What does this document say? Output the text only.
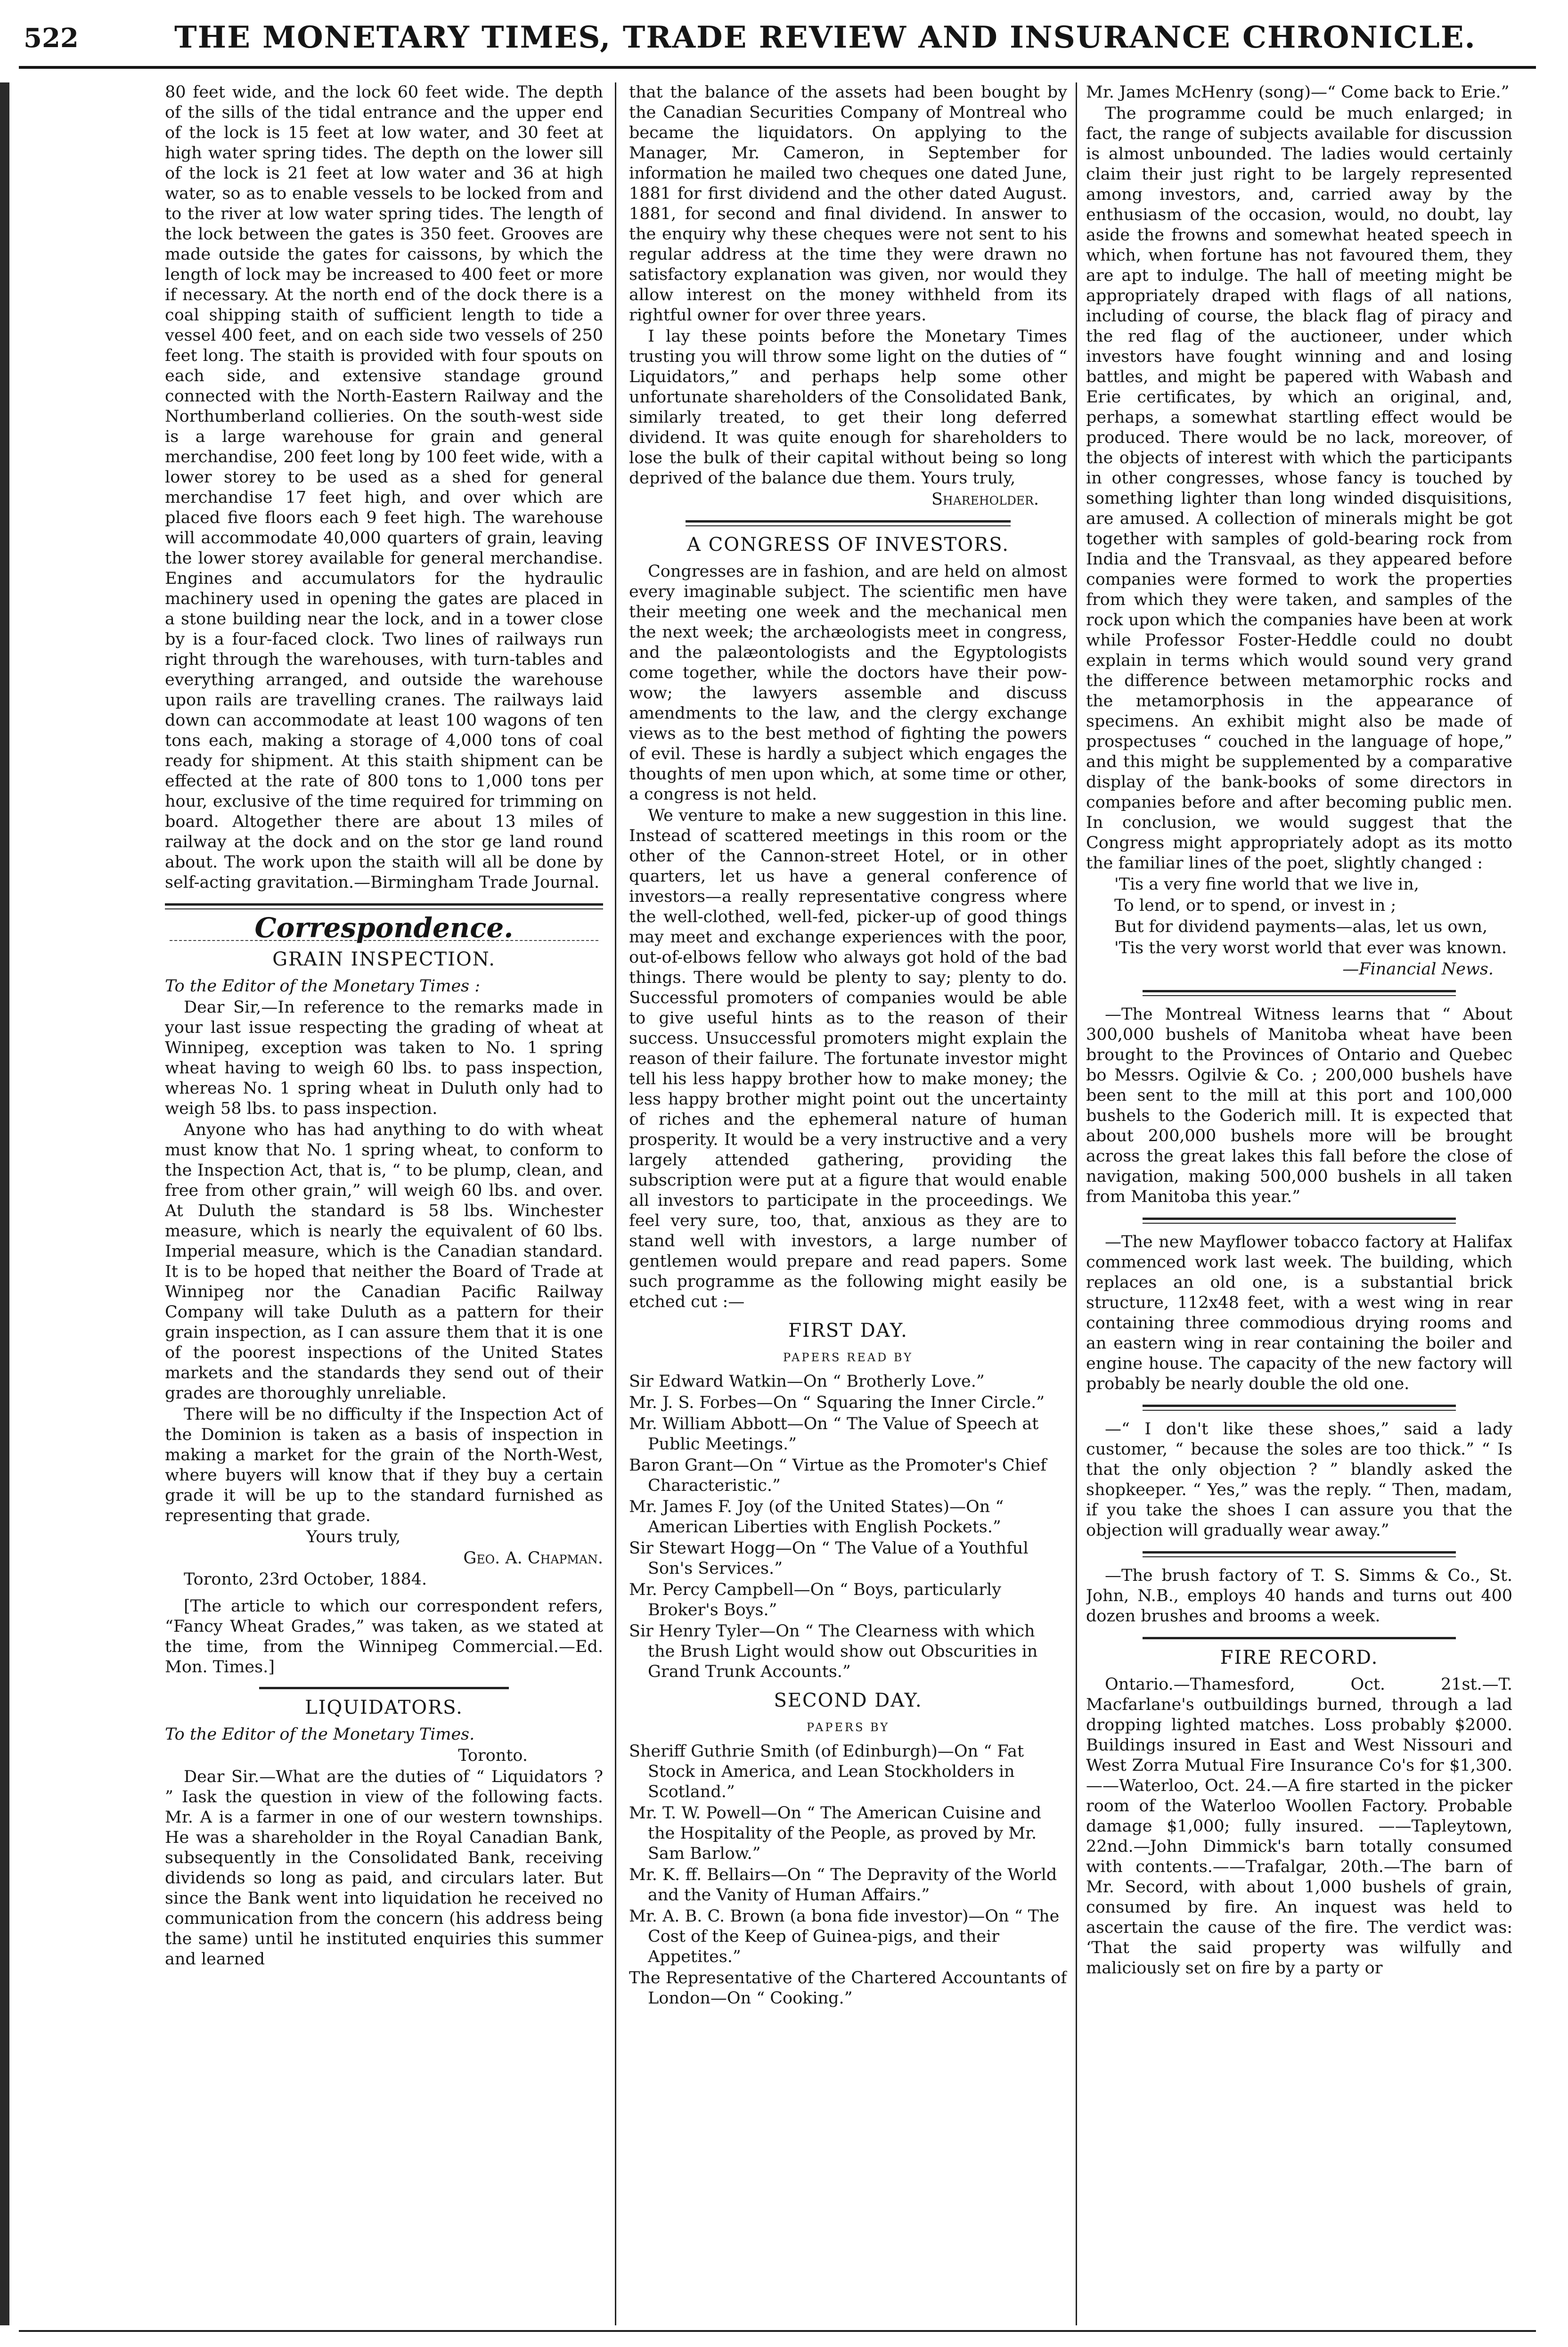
522	THE MONETARY TIMES, TRADE REVIEW AND INSURANCE CHRONICLE.

80 feet wide, and the lock 60 feet wide. The depth of the sills of the tidal entrance and the upper end of the lock is 15 feet at low water, and 30 feet at high water spring tides. The depth on the lower sill of the lock is 21 feet at low water and 36 at high water, so as to enable vessels to be locked from and to the river at low water spring tides. The length of the lock between the gates is 350 feet. Grooves are made outside the gates for caissons, by which the length of lock may be increased to 400 feet or more if necessary. At the north end of the dock there is a coal shipping staith of sufficient length to tide a vessel 400 feet, and on each side two vessels of 250 feet long. The staith is provided with four spouts on each side, and extensive standage ground connected with the North-Eastern Railway and the Northumberland collieries. On the south-west side is a large warehouse for grain and general merchandise, 200 feet long by 100 feet wide, with a lower storey to be used as a shed for general merchandise 17 feet high, and over which are placed five floors each 9 feet high. The warehouse will accommodate 40,000 quarters of grain, leaving the lower storey available for general merchandise. Engines and accumulators for the hydraulic machinery used in opening the gates are placed in a stone building near the lock, and in a tower close by is a four-faced clock. Two lines of railways run right through the warehouses, with turn-tables and everything arranged, and outside the warehouse upon rails are travelling cranes. The railways laid down can accommodate at least 100 wagons of ten tons each, making a storage of 4,000 tons of coal ready for shipment. At this staith shipment can be effected at the rate of 800 tons to 1,000 tons per hour, exclusive of the time required for trimming on board. Altogether there are about 13 miles of railway at the dock and on the stor ge land round about. The work upon the staith will all be done by self-acting gravitation.—Birmingham Trade Journal.

Correspondence.
GRAIN INSPECTION.

To the Editor of the Monetary Times :

Dear Sir,—In reference to the remarks made in your last issue respecting the grading of wheat at Winnipeg, exception was taken to No. 1 spring wheat having to weigh 60 lbs. to pass inspection, whereas No. 1 spring wheat in Duluth only had to weigh 58 lbs. to pass inspection.

Anyone who has had anything to do with wheat must know that No. 1 spring wheat, to conform to the Inspection Act, that is, “ to be plump, clean, and free from other grain,” will weigh 60 lbs. and over. At Duluth the standard is 58 lbs. Winchester measure, which is nearly the equivalent of 60 lbs. Imperial measure, which is the Canadian standard. It is to be hoped that neither the Board of Trade at Winnipeg nor the Canadian Pacific Railway Company will take Duluth as a pattern for their grain inspection, as I can assure them that it is one of the poorest inspections of the United States markets and the standards they send out of their grades are thoroughly unreliable.

There will be no difficulty if the Inspection Act of the Dominion is taken as a basis of inspection in making a market for the grain of the North-West, where buyers will know that if they buy a certain grade it will be up to the standard furnished as representing that grade.

Yours truly,

Geo. A. Chapman.

Toronto, 23rd October, 1884.

[The article to which our correspondent refers, “Fancy Wheat Grades,” was taken, as we stated at the time, from the Winnipeg Commercial.—Ed. Mon. Times.]

LIQUIDATORS.

To the Editor of the Monetary Times.

Toronto.

Dear Sir.—What are the duties of “ Liquidators ? ” Iask the question in view of the following facts. Mr. A is a farmer in one of our western townships. He was a shareholder in the Royal Canadian Bank, subsequently in the Consolidated Bank, receiving dividends so long as paid, and circulars later. But since the Bank went into liquidation he received no communication from the concern (his address being the same) until he instituted enquiries this summer and learned

that the balance of the assets had been bought by the Canadian Securities Company of Montreal who became the liquidators. On applying to the Manager, Mr. Cameron, in September for information he mailed two cheques one dated June, 1881 for first dividend and the other dated August. 1881, for second and final dividend. In answer to the enquiry why these cheques were not sent to his regular address at the time they were drawn no satisfactory explanation was given, nor would they allow interest on the money withheld from its rightful owner for over three years.

I lay these points before the Monetary Times trusting you will throw some light on the duties of “ Liquidators,” and perhaps help some other unfortunate shareholders of the Consolidated Bank, similarly treated, to get their long deferred dividend. It was quite enough for shareholders to lose the bulk of their capital without being so long deprived of the balance due them. Yours truly,

Shareholder.

A CONGRESS OF INVESTORS.

Congresses are in fashion, and are held on almost every imaginable subject. The scientific men have their meeting one week and the mechanical men the next week; the archæologists meet in congress, and the palæontologists and the Egyptologists come together, while the doctors have their pow-wow; the lawyers assemble and discuss amendments to the law, and the clergy exchange views as to the best method of fighting the powers of evil. These is hardly a subject which engages the thoughts of men upon which, at some time or other, a congress is not held.

We venture to make a new suggestion in this line. Instead of scattered meetings in this room or the other of the Cannon-street Hotel, or in other quarters, let us have a general conference of investors—a really representative congress where the well-clothed, well-fed, picker-up of good things may meet and exchange experiences with the poor, out-of-elbows fellow who always got hold of the bad things. There would be plenty to say; plenty to do. Successful promoters of companies would be able to give useful hints as to the reason of their success. Unsuccessful promoters might explain the reason of their failure. The fortunate investor might tell his less happy brother how to make money; the less happy brother might point out the uncertainty of riches and the ephemeral nature of human prosperity. It would be a very instructive and a very largely attended gathering, providing the subscription were put at a figure that would enable all investors to participate in the proceedings. We feel very sure, too, that, anxious as they are to stand well with investors, a large number of gentlemen would prepare and read papers. Some such programme as the following might easily be etched cut :—

FIRST DAY.
PAPERS READ BY

Sir Edward Watkin—On “ Brotherly Love.”

Mr. J. S. Forbes—On “ Squaring the Inner Circle.”

Mr. William Abbott—On “ The Value of Speech at Public Meetings.”

Baron Grant—On “ Virtue as the Promoter's Chief Characteristic.”

Mr. James F. Joy (of the United States)—On “ American Liberties with English Pockets.”

Sir Stewart Hogg—On “ The Value of a Youthful Son's Services.”

Mr. Percy Campbell—On “ Boys, particularly Broker's Boys.”

Sir Henry Tyler—On “ The Clearness with which the Brush Light would show out Obscurities in Grand Trunk Accounts.”

SECOND DAY.
PAPERS BY

Sheriff Guthrie Smith (of Edinburgh)—On “ Fat Stock in America, and Lean Stockholders in Scotland.”

Mr. T. W. Powell—On “ The American Cuisine and the Hospitality of the People, as proved by Mr. Sam Barlow.”

Mr. K. ff. Bellairs—On “ The Depravity of the World and the Vanity of Human Affairs.”

Mr. A. B. C. Brown (a bona fide investor)—On “ The Cost of the Keep of Guinea-pigs, and their Appetites.”

The Representative of the Chartered Accountants of London—On “ Cooking.”

Mr. James McHenry (song)—“ Come back to Erie.”

The programme could be much enlarged; in fact, the range of subjects available for discussion is almost unbounded. The ladies would certainly claim their just right to be largely represented among investors, and, carried away by the enthusiasm of the occasion, would, no doubt, lay aside the frowns and somewhat heated speech in which, when fortune has not favoured them, they are apt to indulge. The hall of meeting might be appropriately draped with flags of all nations, including of course, the black flag of piracy and the red flag of the auctioneer, under which investors have fought winning and and losing battles, and might be papered with Wabash and Erie certificates, by which an original, and, perhaps, a somewhat startling effect would be produced. There would be no lack, moreover, of the objects of interest with which the participants in other congresses, whose fancy is touched by something lighter than long winded disquisitions, are amused. A collection of minerals might be got together with samples of gold-bearing rock from India and the Transvaal, as they appeared before companies were formed to work the properties from which they were taken, and samples of the rock upon which the companies have been at work while Professor Foster-Heddle could no doubt explain in terms which would sound very grand the difference between metamorphic rocks and the metamorphosis in the appearance of specimens. An exhibit might also be made of prospectuses “ couched in the language of hope,” and this might be supplemented by a comparative display of the bank-books of some directors in companies before and after becoming public men. In conclusion, we would suggest that the Congress might appropriately adopt as its motto the familiar lines of the poet, slightly changed :

'Tis a very fine world that we live in,

To lend, or to spend, or invest in ;

But for dividend payments—alas, let us own,

'Tis the very worst world that ever was known.

—Financial News.

—The Montreal Witness learns that “ About 300,000 bushels of Manitoba wheat have been brought to the Provinces of Ontario and Quebec bo Messrs. Ogilvie & Co. ; 200,000 bushels have been sent to the mill at this port and 100,000 bushels to the Goderich mill. It is expected that about 200,000 bushels more will be brought across the great lakes this fall before the close of navigation, making 500,000 bushels in all taken from Manitoba this year.”

—The new Mayflower tobacco factory at Halifax commenced work last week. The building, which replaces an old one, is a substantial brick structure, 112x48 feet, with a west wing in rear containing three commodious drying rooms and an eastern wing in rear containing the boiler and engine house. The capacity of the new factory will probably be nearly double the old one.

—“ I don't like these shoes,” said a lady customer, “ because the soles are too thick.” “ Is that the only objection ? ” blandly asked the shopkeeper. “ Yes,” was the reply. “ Then, madam, if you take the shoes I can assure you that the objection will gradually wear away.”

—The brush factory of T. S. Simms & Co., St. John, N.B., employs 40 hands and turns out 400 dozen brushes and brooms a week.

FIRE RECORD.

Ontario.—Thamesford, Oct. 21st.—T. Macfarlane's outbuildings burned, through a lad dropping lighted matches. Loss probably $2000. Buildings insured in East and West Nissouri and West Zorra Mutual Fire Insurance Co's for $1,300.——Waterloo, Oct. 24.—A fire started in the picker room of the Waterloo Woollen Factory. Probable damage $1,000; fully insured. ——Tapleytown, 22nd.—John Dimmick's barn totally consumed with contents.——Trafalgar, 20th.—The barn of Mr. Secord, with about 1,000 bushels of grain, consumed by fire. An inquest was held to ascertain the cause of the fire. The verdict was: ‘That the said property was wilfully and maliciously set on fire by a party or
